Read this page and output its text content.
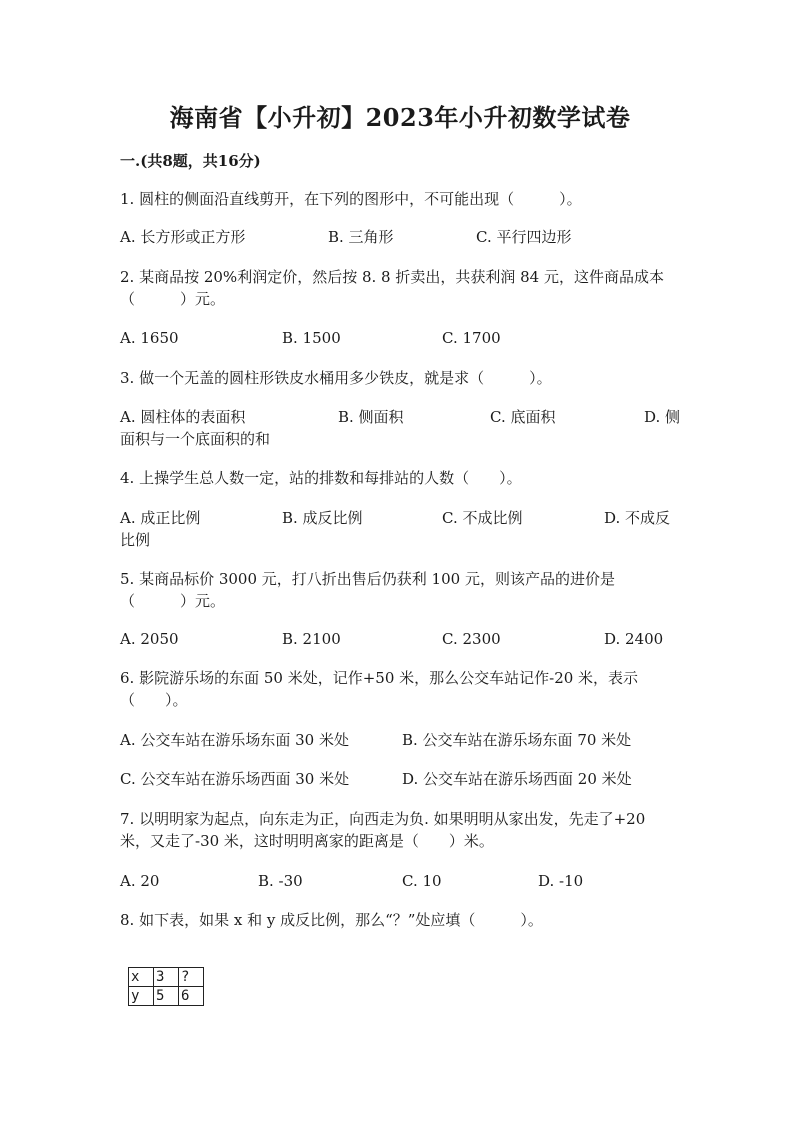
海南省【小升初】2023年小升初数学试卷
一.(共8题，共16分)
1. 圆柱的侧面沿直线剪开，在下列的图形中，不可能出现（　　　）。
A. 长方形或正方形	B. 三角形	C. 平行四边形
2. 某商品按 20%利润定价，然后按 8. 8 折卖出，共获利润 84 元，这件商品成本
（　　　）元。
A. 1650	B. 1500	C. 1700
3. 做一个无盖的圆柱形铁皮水桶用多少铁皮，就是求（　　　）。
A. 圆柱体的表面积	B. 侧面积	C. 底面积	D. 侧
面积与一个底面积的和
4. 上操学生总人数一定，站的排数和每排站的人数（　　）。
A. 成正比例	B. 成反比例	C. 不成比例	D. 不成反
比例
5. 某商品标价 3000 元，打八折出售后仍获利 100 元，则该产品的进价是
（　　　）元。
A. 2050	B. 2100	C. 2300	D. 2400
6. 影院游乐场的东面 50 米处，记作+50 米，那么公交车站记作-20 米，表示
（　　）。
A. 公交车站在游乐场东面 30 米处	B. 公交车站在游乐场东面 70 米处
C. 公交车站在游乐场西面 30 米处	D. 公交车站在游乐场西面 20 米处
7. 以明明家为起点，向东走为正，向西走为负. 如果明明从家出发，先走了+20
米，又走了-30 米，这时明明离家的距离是（　　）米。
A. 20	B. -30	C. 10	D. -10
8. 如下表，如果 x 和 y 成反比例，那么“？”处应填（　　　）。
x	3	?
y	5	6
